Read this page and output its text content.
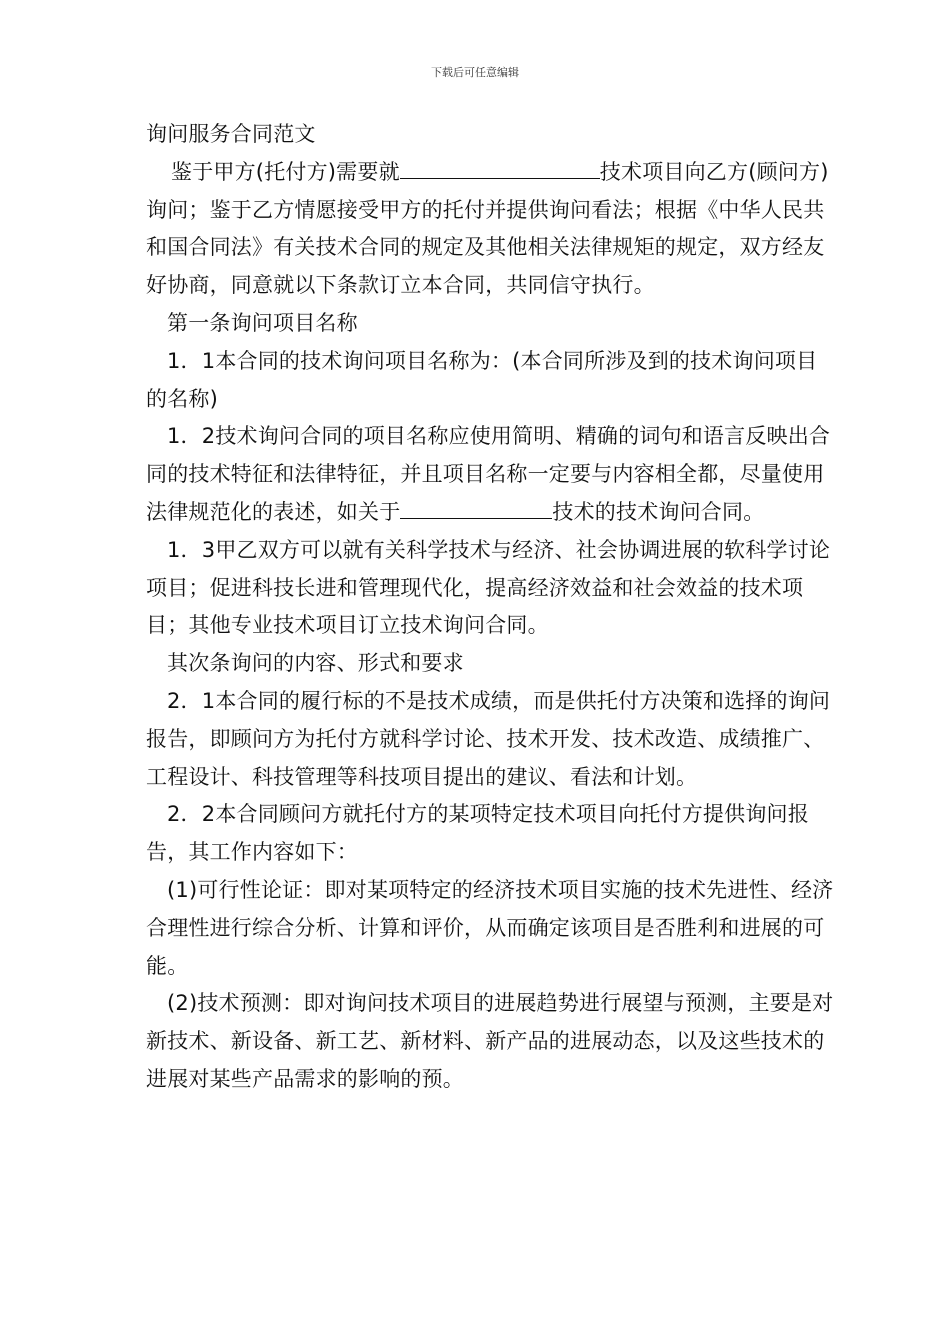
下载后可任意编辑

询问服务合同范文

鉴于甲方(托付方)需要就	技术项目向乙方(顾问方)询问；鉴于乙方情愿接受甲方的托付并提供询问看法；根据《中华人民共和国合同法》有关技术合同的规定及其他相关法律规矩的规定，双方经友好协商，同意就以下条款订立本合同，共同信守执行。

第一条询问项目名称

1．1本合同的技术询问项目名称为：(本合同所涉及到的技术询问项目的名称)

1．2技术询问合同的项目名称应使用简明、精确的词句和语言反映出合同的技术特征和法律特征，并且项目名称一定要与内容相全都，尽量使用法律规范化的表述，如关于	技术的技术询问合同。

1．3甲乙双方可以就有关科学技术与经济、社会协调进展的软科学讨论项目；促进科技长进和管理现代化，提高经济效益和社会效益的技术项目；其他专业技术项目订立技术询问合同。

其次条询问的内容、形式和要求

2．1本合同的履行标的不是技术成绩，而是供托付方决策和选择的询问报告，即顾问方为托付方就科学讨论、技术开发、技术改造、成绩推广、工程设计、科技管理等科技项目提出的建议、看法和计划。

2．2本合同顾问方就托付方的某项特定技术项目向托付方提供询问报告，其工作内容如下：

(1)可行性论证：即对某项特定的经济技术项目实施的技术先进性、经济合理性进行综合分析、计算和评价，从而确定该项目是否胜利和进展的可能。

(2)技术预测：即对询问技术项目的进展趋势进行展望与预测，主要是对新技术、新设备、新工艺、新材料、新产品的进展动态，以及这些技术的进展对某些产品需求的影响的预。
